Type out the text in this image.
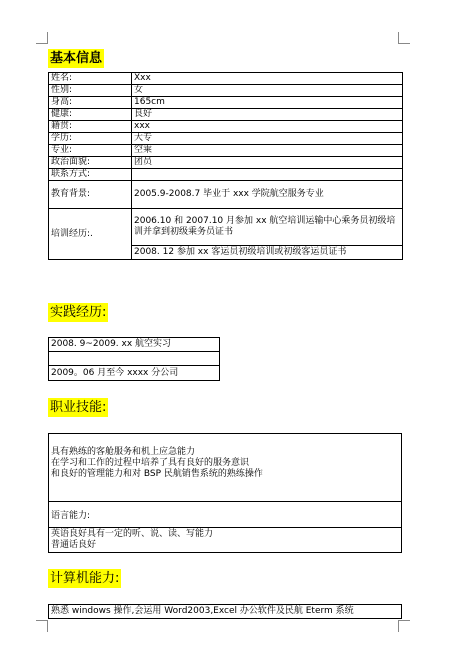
基本信息
姓名:	Xxx
性别:	女
身高:	165cm
健康:	良好
籍贯:	xxx
学历:	大专
专业:	空乘
政治面貌:	团员
联系方式:	
教育背景:	2005.9-2008.7 毕业于 xxx 学院航空服务专业
培训经历:.	2006.10 和 2007.10 月参加 xx 航空培训运输中心乘务员初级培训并拿到初级乘务员证书
	2008. 12 参加 xx 客运员初级培训或初级客运员证书
实践经历:
2008. 9~2009. xx 航空实习

2009。06 月至今 xxxx 分公司
职业技能:
具有熟练的客舱服务和机上应急能力
在学习和工作的过程中培养了具有良好的服务意识
和良好的管理能力和对 BSP 民航销售系统的熟练操作
语言能力:
英语良好具有一定的听、说、读、写能力
普通话良好
计算机能力:
熟悉 windows 操作,会运用 Word2003,Excel 办公软件及民航 Eterm 系统
